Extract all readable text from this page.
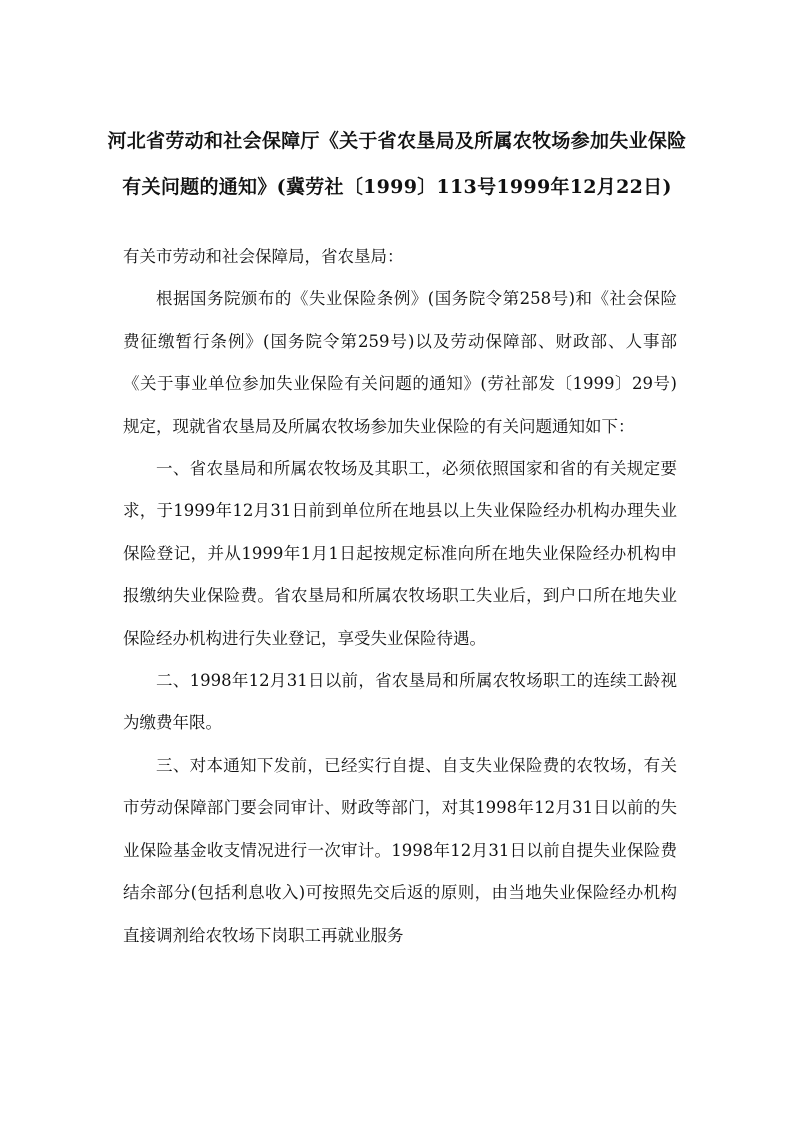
河北省劳动和社会保障厅《关于省农垦局及所属农牧场参加失业保险
有关问题的通知》(冀劳社〔1999〕113号1999年12月22日)

有关市劳动和社会保障局，省农垦局：

根据国务院颁布的《失业保险条例》(国务院令第258号)和《社会保险费征缴暂行条例》(国务院令第259号)以及劳动保障部、财政部、人事部《关于事业单位参加失业保险有关问题的通知》(劳社部发〔1999〕29号)规定，现就省农垦局及所属农牧场参加失业保险的有关问题通知如下：

一、省农垦局和所属农牧场及其职工，必须依照国家和省的有关规定要求，于1999年12月31日前到单位所在地县以上失业保险经办机构办理失业保险登记，并从1999年1月1日起按规定标准向所在地失业保险经办机构申报缴纳失业保险费。省农垦局和所属农牧场职工失业后，到户口所在地失业保险经办机构进行失业登记，享受失业保险待遇。

二、1998年12月31日以前，省农垦局和所属农牧场职工的连续工龄视为缴费年限。

三、对本通知下发前，已经实行自提、自支失业保险费的农牧场，有关市劳动保障部门要会同审计、财政等部门，对其1998年12月31日以前的失业保险基金收支情况进行一次审计。1998年12月31日以前自提失业保险费结余部分(包括利息收入)可按照先交后返的原则，由当地失业保险经办机构直接调剂给农牧场下岗职工再就业服务
